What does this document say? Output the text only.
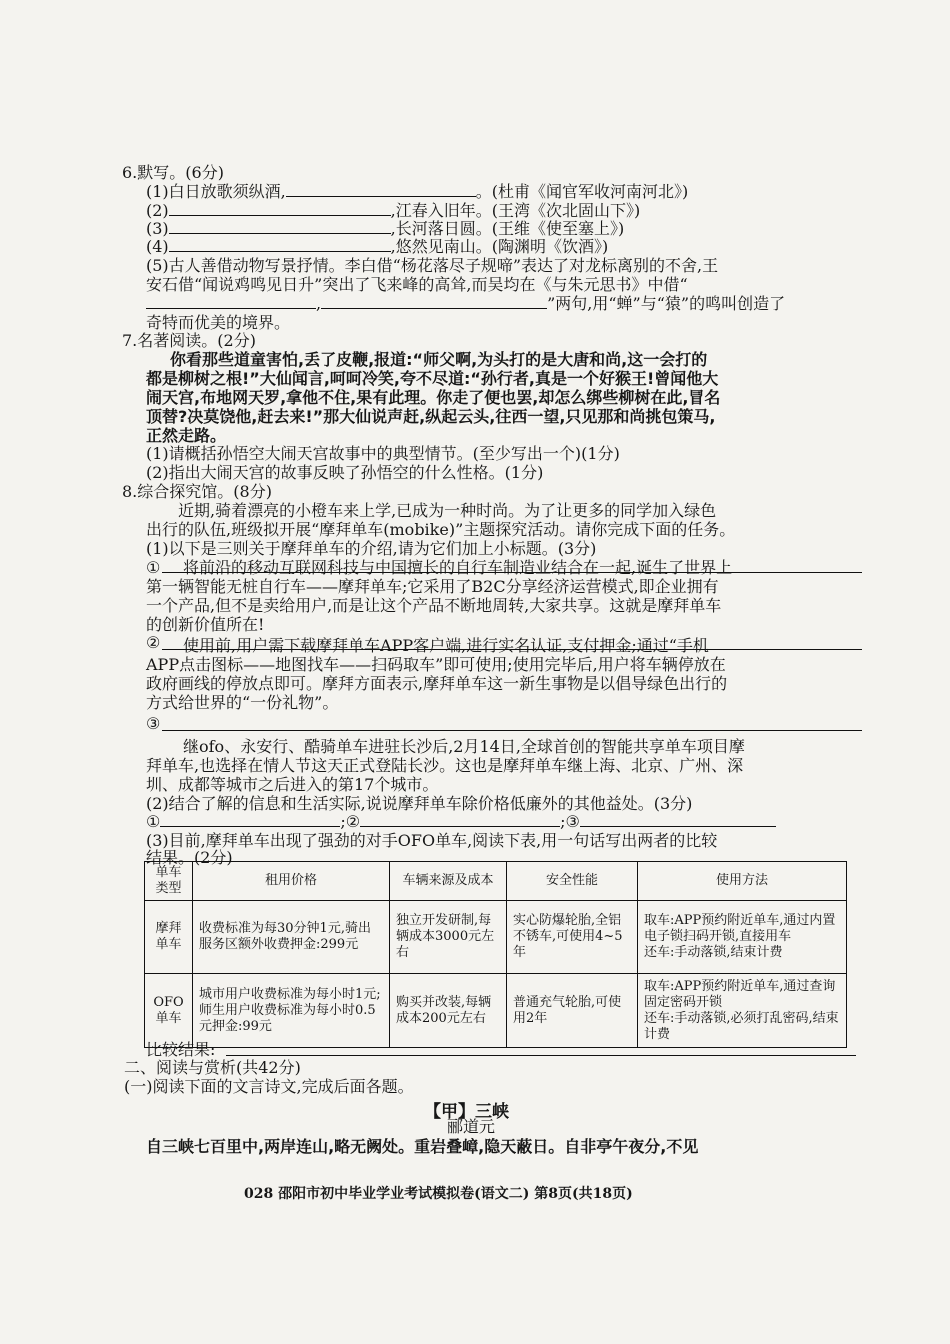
6.默写。(6分)
(1)白日放歌须纵酒,	。(杜甫《闻官军收河南河北》)
(2)	,江春入旧年。(王湾《次北固山下》)
(3)	,长河落日圆。(王维《使至塞上》)
(4)	,悠然见南山。(陶渊明《饮酒》)
(5)古人善借动物写景抒情。李白借“杨花落尽子规啼”表达了对龙标离别的不舍,王
安石借“闻说鸡鸣见日升”突出了飞来峰的高耸,而吴均在《与朱元思书》中借“
,	”两句,用“蝉”与“猿”的鸣叫创造了
奇特而优美的境界。
7.名著阅读。(2分)
你看那些道童害怕,丢了皮鞭,报道:“师父啊,为头打的是大唐和尚,这一会打的
都是柳树之根!”大仙闻言,呵呵冷笑,夸不尽道:“孙行者,真是一个好猴王!曾闻他大
闹天宫,布地网天罗,拿他不住,果有此理。你走了便也罢,却怎么绑些柳树在此,冒名
顶替?决莫饶他,赶去来!”那大仙说声赶,纵起云头,往西一望,只见那和尚挑包策马,
正然走路。
(1)请概括孙悟空大闹天宫故事中的典型情节。(至少写出一个)(1分)
(2)指出大闹天宫的故事反映了孙悟空的什么性格。(1分)
8.综合探究馆。(8分)
近期,骑着漂亮的小橙车来上学,已成为一种时尚。为了让更多的同学加入绿色
出行的队伍,班级拟开展“摩拜单车(mobike)”主题探究活动。请你完成下面的任务。
(1)以下是三则关于摩拜单车的介绍,请为它们加上小标题。(3分)
① 将前沿的移动互联网科技与中国擅长的自行车制造业结合在一起,诞生了世界上
第一辆智能无桩自行车——摩拜单车;它采用了B2C分享经济运营模式,即企业拥有
一个产品,但不是卖给用户,而是让这个产品不断地周转,大家共享。这就是摩拜单车
的创新价值所在!
② 使用前,用户需下载摩拜单车APP客户端,进行实名认证,支付押金;通过“手机
APP点击图标——地图找车——扫码取车”即可使用;使用完毕后,用户将车辆停放在
政府画线的停放点即可。摩拜方面表示,摩拜单车这一新生事物是以倡导绿色出行的
方式给世界的“一份礼物”。
③
继ofo、永安行、酷骑单车进驻长沙后,2月14日,全球首创的智能共享单车项目摩
拜单车,也选择在情人节这天正式登陆长沙。这也是摩拜单车继上海、北京、广州、深
圳、成都等城市之后进入的第17个城市。
(2)结合了解的信息和生活实际,说说摩拜单车除价格低廉外的其他益处。(3分)
①	;②	;③
(3)目前,摩拜单车出现了强劲的对手OFO单车,阅读下表,用一句话写出两者的比较
结果。(2分)
单车类型	租用价格	车辆来源及成本	安全性能	使用方法
摩拜单车	收费标准为每30分钟1元,骑出服务区额外收费押金:299元	独立开发研制,每辆成本3000元左右	实心防爆轮胎,全铝不锈车,可使用4~5年	取车:APP预约附近单车,通过内置电子锁扫码开锁,直接用车
还车:手动落锁,结束计费

OFO单车	城市用户收费标准为每小时1元;师生用户收费标准为每小时0.5元押金:99元	购买并改装,每辆成本200元左右	普通充气轮胎,可使用2年	取车:APP预约附近单车,通过查询固定密码开锁
还车:手动落锁,必须打乱密码,结束计费
比较结果:
二、阅读与赏析(共42分)
(一)阅读下面的文言诗文,完成后面各题。
【甲】三峡
郦道元
自三峡七百里中,两岸连山,略无阙处。重岩叠嶂,隐天蔽日。自非亭午夜分,不见
028 邵阳市初中毕业学业考试模拟卷(语文二) 第8页(共18页)
